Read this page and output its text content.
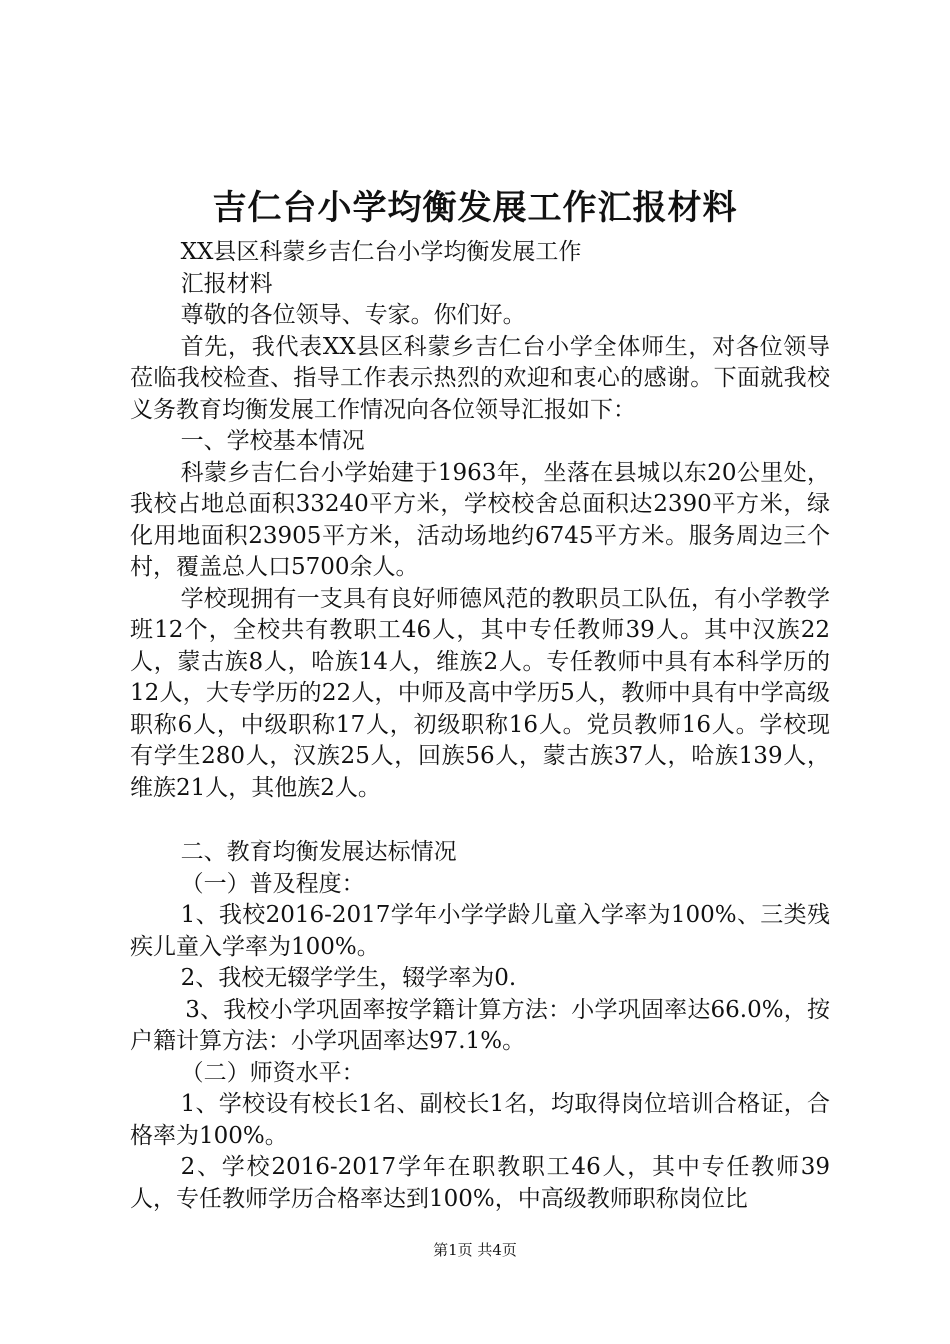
吉仁台小学均衡发展工作汇报材料

XX县区科蒙乡吉仁台小学均衡发展工作

汇报材料

尊敬的各位领导、专家。你们好。

首先，我代表XX县区科蒙乡吉仁台小学全体师生，对各位领导莅临我校检查、指导工作表示热烈的欢迎和衷心的感谢。下面就我校义务教育均衡发展工作情况向各位领导汇报如下：

一、学校基本情况

科蒙乡吉仁台小学始建于1963年，坐落在县城以东20公里处，我校占地总面积33240平方米，学校校舍总面积达2390平方米，绿化用地面积23905平方米，活动场地约6745平方米。服务周边三个村，覆盖总人口5700余人。

学校现拥有一支具有良好师德风范的教职员工队伍，有小学教学班12个，全校共有教职工46人，其中专任教师39人。其中汉族22人，蒙古族8人，哈族14人，维族2人。专任教师中具有本科学历的12人，大专学历的22人，中师及高中学历5人，教师中具有中学高级职称6人，中级职称17人，初级职称16人。党员教师16人。学校现有学生280人，汉族25人，回族56人，蒙古族37人，哈族139人，维族21人，其他族2人。

二、教育均衡发展达标情况

（一）普及程度：

1、我校2016-2017学年小学学龄儿童入学率为100%、三类残疾儿童入学率为100%。

2、我校无辍学学生，辍学率为0.

3、我校小学巩固率按学籍计算方法：小学巩固率达66.0%，按户籍计算方法：小学巩固率达97.1%。

（二）师资水平：

1、学校设有校长1名、副校长1名，均取得岗位培训合格证，合格率为100%。

2、学校2016-2017学年在职教职工46人，其中专任教师39人，专任教师学历合格率达到100%，中高级教师职称岗位比

第1页 共4页
